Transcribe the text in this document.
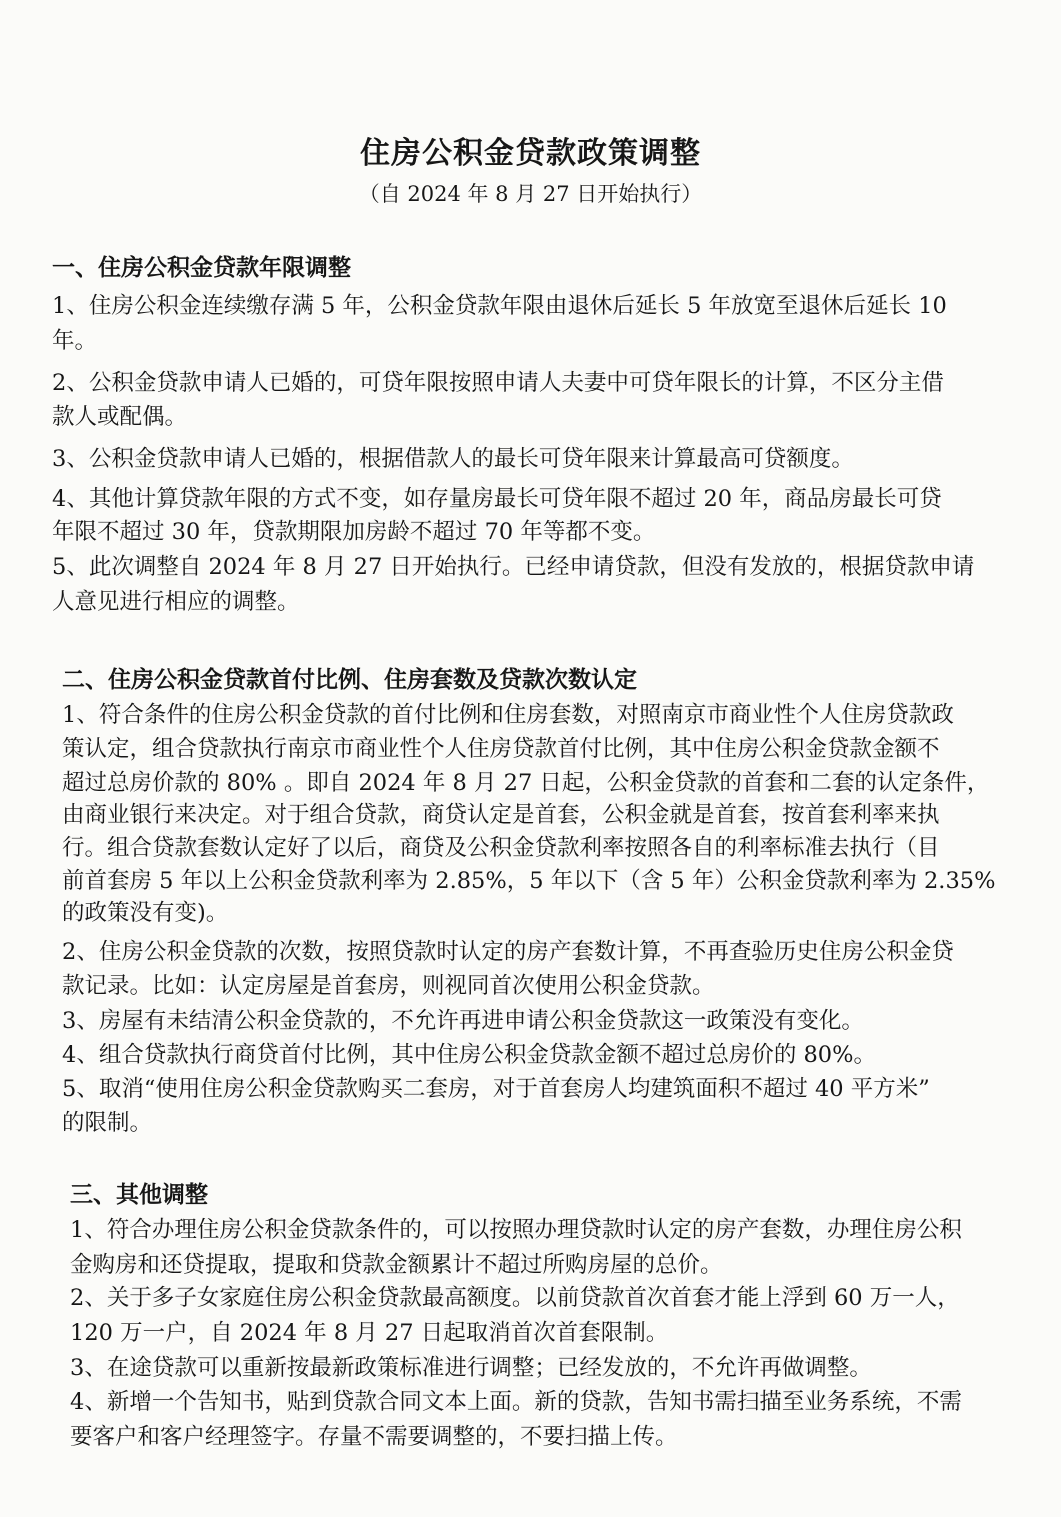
住房公积金贷款政策调整
（自 2024 年 8 月 27 日开始执行）
一、住房公积金贷款年限调整
1、住房公积金连续缴存满 5 年，公积金贷款年限由退休后延长 5 年放宽至退休后延长 10
年。
2、公积金贷款申请人已婚的，可贷年限按照申请人夫妻中可贷年限长的计算，不区分主借
款人或配偶。
3、公积金贷款申请人已婚的，根据借款人的最长可贷年限来计算最高可贷额度。
4、其他计算贷款年限的方式不变，如存量房最长可贷年限不超过 20 年，商品房最长可贷
年限不超过 30 年，贷款期限加房龄不超过 70 年等都不变。
5、此次调整自 2024 年 8 月 27 日开始执行。已经申请贷款，但没有发放的，根据贷款申请
人意见进行相应的调整。
二、住房公积金贷款首付比例、住房套数及贷款次数认定
1、符合条件的住房公积金贷款的首付比例和住房套数，对照南京市商业性个人住房贷款政
策认定，组合贷款执行南京市商业性个人住房贷款首付比例，其中住房公积金贷款金额不
超过总房价款的 80% 。即自 2024 年 8 月 27 日起，公积金贷款的首套和二套的认定条件，
由商业银行来决定。对于组合贷款，商贷认定是首套，公积金就是首套，按首套利率来执
行。组合贷款套数认定好了以后，商贷及公积金贷款利率按照各自的利率标准去执行（目
前首套房 5 年以上公积金贷款利率为 2.85%，5 年以下（含 5 年）公积金贷款利率为 2.35%
的政策没有变)。
2、住房公积金贷款的次数，按照贷款时认定的房产套数计算，不再查验历史住房公积金贷
款记录。比如：认定房屋是首套房，则视同首次使用公积金贷款。
3、房屋有未结清公积金贷款的，不允许再进申请公积金贷款这一政策没有变化。
4、组合贷款执行商贷首付比例，其中住房公积金贷款金额不超过总房价的 80%。
5、取消“使用住房公积金贷款购买二套房，对于首套房人均建筑面积不超过 40 平方米”
的限制。
三、其他调整
1、符合办理住房公积金贷款条件的，可以按照办理贷款时认定的房产套数，办理住房公积
金购房和还贷提取，提取和贷款金额累计不超过所购房屋的总价。
2、关于多子女家庭住房公积金贷款最高额度。以前贷款首次首套才能上浮到 60 万一人，
120 万一户，自 2024 年 8 月 27 日起取消首次首套限制。
3、在途贷款可以重新按最新政策标准进行调整；已经发放的，不允许再做调整。
4、新增一个告知书，贴到贷款合同文本上面。新的贷款，告知书需扫描至业务系统，不需
要客户和客户经理签字。存量不需要调整的，不要扫描上传。
